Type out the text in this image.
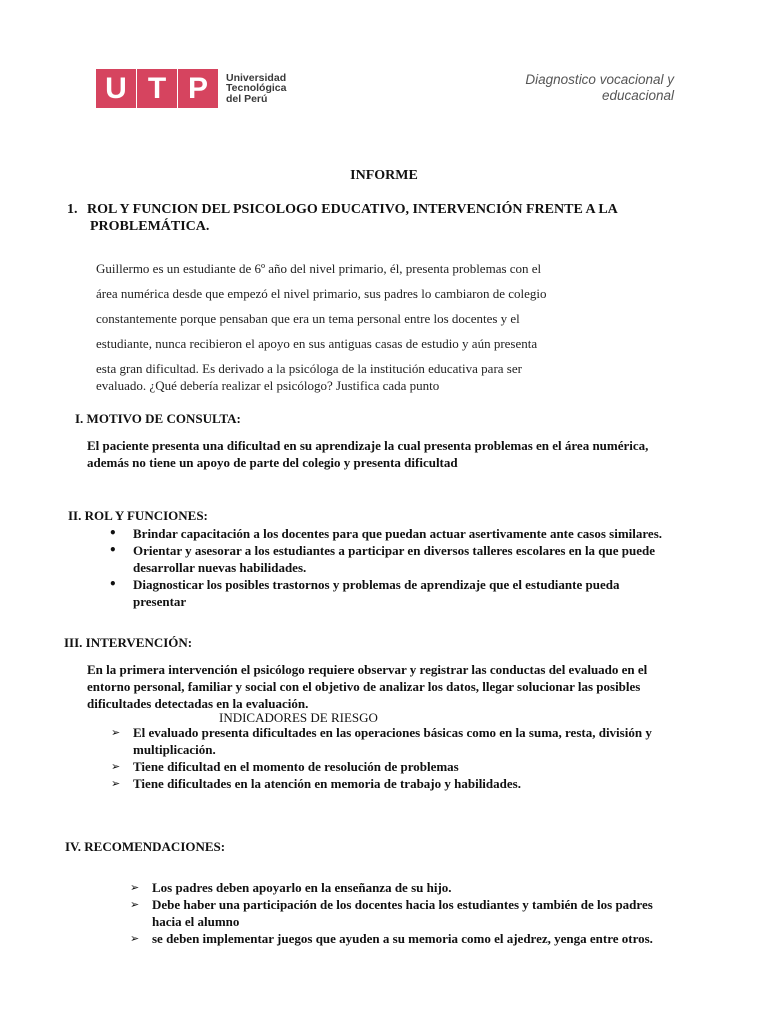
U T P	Universidad
Tecnológica
del Perú
Diagnostico vocacional y
educacional
INFORME
1. ROL Y FUNCION DEL PSICOLOGO EDUCATIVO, INTERVENCIÓN FRENTE A LA
PROBLEMÁTICA.
Guillermo es un estudiante de 6º año del nivel primario, él, presenta problemas con el
área numérica desde que empezó el nivel primario, sus padres lo cambiaron de colegio
constantemente porque pensaban que era un tema personal entre los docentes y el
estudiante, nunca recibieron el apoyo en sus antiguas casas de estudio y aún presenta
esta gran dificultad. Es derivado a la psicóloga de la institución educativa para ser
evaluado. ¿Qué debería realizar el psicólogo? Justifica cada punto
I. MOTIVO DE CONSULTA:
El paciente presenta una dificultad en su aprendizaje la cual presenta problemas en el área numérica,
además no tiene un apoyo de parte del colegio y presenta dificultad
II. ROL Y FUNCIONES:
• Brindar capacitación a los docentes para que puedan actuar asertivamente ante casos similares.
• Orientar y asesorar a los estudiantes a participar en diversos talleres escolares en la que puede
desarrollar nuevas habilidades.
• Diagnosticar los posibles trastornos y problemas de aprendizaje que el estudiante pueda
presentar
III. INTERVENCIÓN:
En la primera intervención el psicólogo requiere observar y registrar las conductas del evaluado en el
entorno personal, familiar y social con el objetivo de analizar los datos, llegar solucionar las posibles
dificultades detectadas en la evaluación.
INDICADORES DE RIESGO
➢ El evaluado presenta dificultades en las operaciones básicas como en la suma, resta, división y
multiplicación.
➢ Tiene dificultad en el momento de resolución de problemas
➢ Tiene dificultades en la atención en memoria de trabajo y habilidades.
IV. RECOMENDACIONES:
➢ Los padres deben apoyarlo en la enseñanza de su hijo.
➢ Debe haber una participación de los docentes hacia los estudiantes y también de los padres
hacia el alumno
➢ se deben implementar juegos que ayuden a su memoria como el ajedrez, yenga entre otros.
